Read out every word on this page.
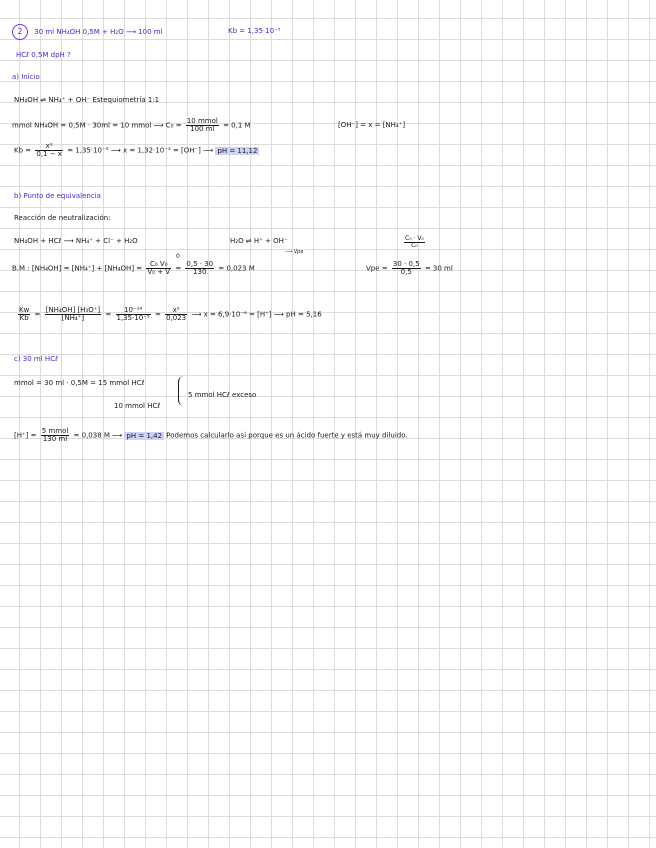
2 30 ml NH₄OH 0,5M + H₂O ⟶ 100 ml	Kb = 1,35·10⁻⁵
HCℓ 0,5M dpH ?
a) Inicio
NH₄OH ⇌ NH₄⁺ + OH⁻ Estequiometría 1:1
mmol NH₄OH = 0,5M · 30ml = 10 mmol ⟶ $C_0 = \frac{\text{10 mmol}}{100 ml} = 0,1$ M	[OH⁻] = x = [NH₄⁺]
$Kb = \frac{\text{x²}}{0,1 - x} = 1,35\cdot 10^{-5}$ ⟶ x = 1,32·10⁻³ = [OH⁻] ⟶ pH = 11,12
b) Punto de equivalencia
Reacción de neutralización:
NH₄OH + HCℓ ⟶ NH₄⁺ + Cl⁻ + H₂O	H₂O ⇌ H⁺ + OH⁻	$\frac{\text{C₀ · V₀}}{\text{C₀}}$
⟶ Vpe
0
B.M : $[NH_4OH] = [NH_4^+] + [NH_4OH] = \frac{\text{C₀ V₀}}{\text{V₀ + V}} = \frac{0,5 \cdot 30}{130} = 0,023$ M	Vpe = $\frac{30 \cdot 0,5}{0,5} = 30$ ml
$\frac{Kw}{Kb} = \frac{\text{[NH₄OH] [H₃O⁺]}}{\text{[NH₄⁺]}} = \frac{\text{10⁻¹⁴}}{\text{1,35·10⁻⁵}} = \frac{\text{x²}}{0,023}$ ⟶ x = 6,9·10⁻⁶ = [H⁺] ⟶ pH = 5,16
c) 30 ml HCℓ
mmol = 30 ml · 0,5M = 15 mmol HCℓ
10 mmol HCℓ
5 mmol HCℓ exceso
$[H^+] = \frac{\text{5 mmol}}{130 ml} = 0,038$ M ⟶ pH = 1,42 Podemos calcularlo así porque es un ácido fuerte y está muy diluido.
